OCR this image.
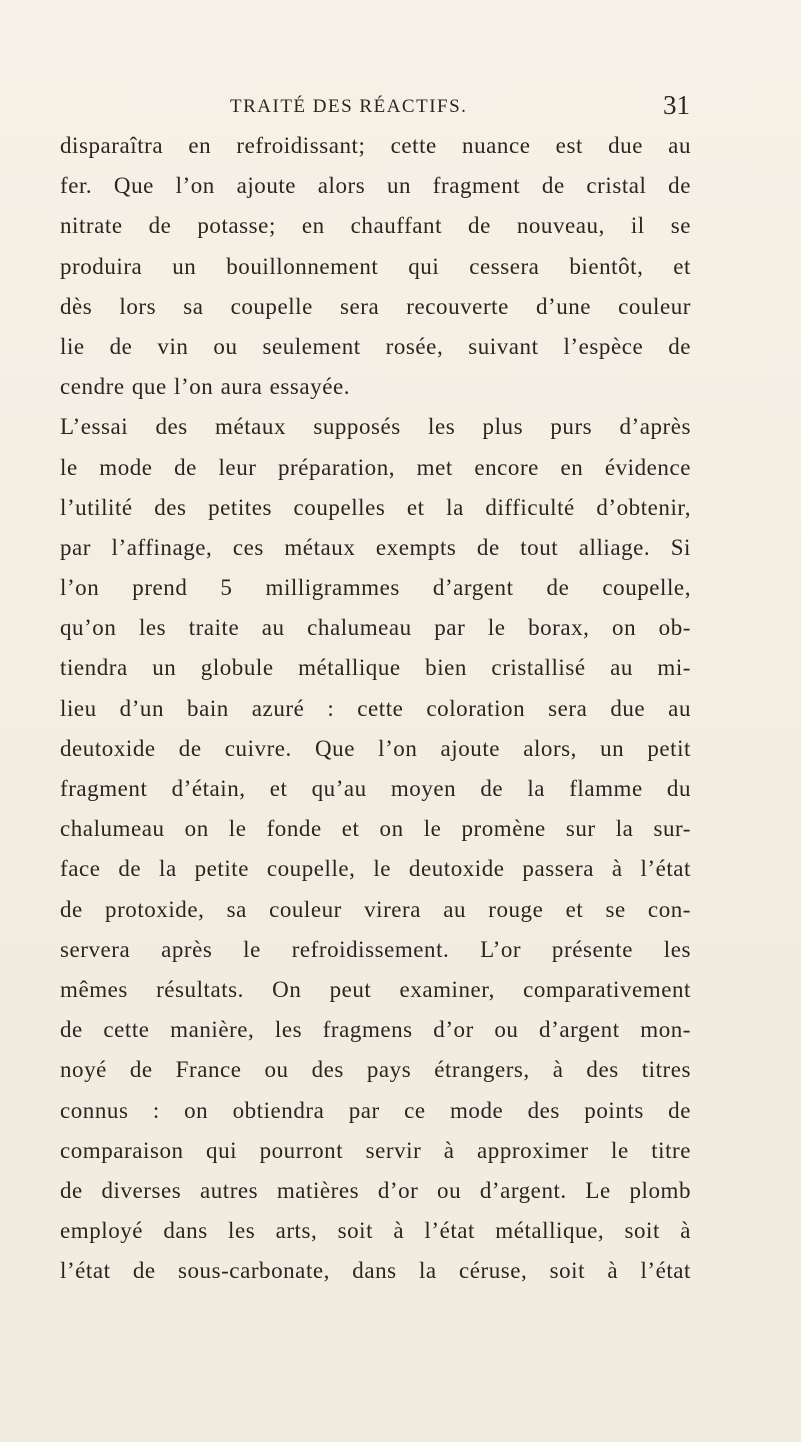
TRAITÉ DES RÉACTIFS.	31
disparaîtra en refroidissant; cette nuance est due au
fer. Que l’on ajoute alors un fragment de cristal de
nitrate de potasse; en chauffant de nouveau, il se
produira un bouillonnement qui cessera bientôt, et
dès lors sa coupelle sera recouverte d’une couleur
lie de vin ou seulement rosée, suivant l’espèce de
cendre que l’on aura essayée.
L’essai des métaux supposés les plus purs d’après
le mode de leur préparation, met encore en évidence
l’utilité des petites coupelles et la difficulté d’obtenir,
par l’affinage, ces métaux exempts de tout alliage. Si
l’on prend 5 milligrammes d’argent de coupelle,
qu’on les traite au chalumeau par le borax, on ob-
tiendra un globule métallique bien cristallisé au mi-
lieu d’un bain azuré : cette coloration sera due au
deutoxide de cuivre. Que l’on ajoute alors, un petit
fragment d’étain, et qu’au moyen de la flamme du
chalumeau on le fonde et on le promène sur la sur-
face de la petite coupelle, le deutoxide passera à l’état
de protoxide, sa couleur virera au rouge et se con-
servera après le refroidissement. L’or présente les
mêmes résultats. On peut examiner, comparativement
de cette manière, les fragmens d’or ou d’argent mon-
noyé de France ou des pays étrangers, à des titres
connus : on obtiendra par ce mode des points de
comparaison qui pourront servir à approximer le titre
de diverses autres matières d’or ou d’argent. Le plomb
employé dans les arts, soit à l’état métallique, soit à
l’état de sous-carbonate, dans la céruse, soit à l’état
